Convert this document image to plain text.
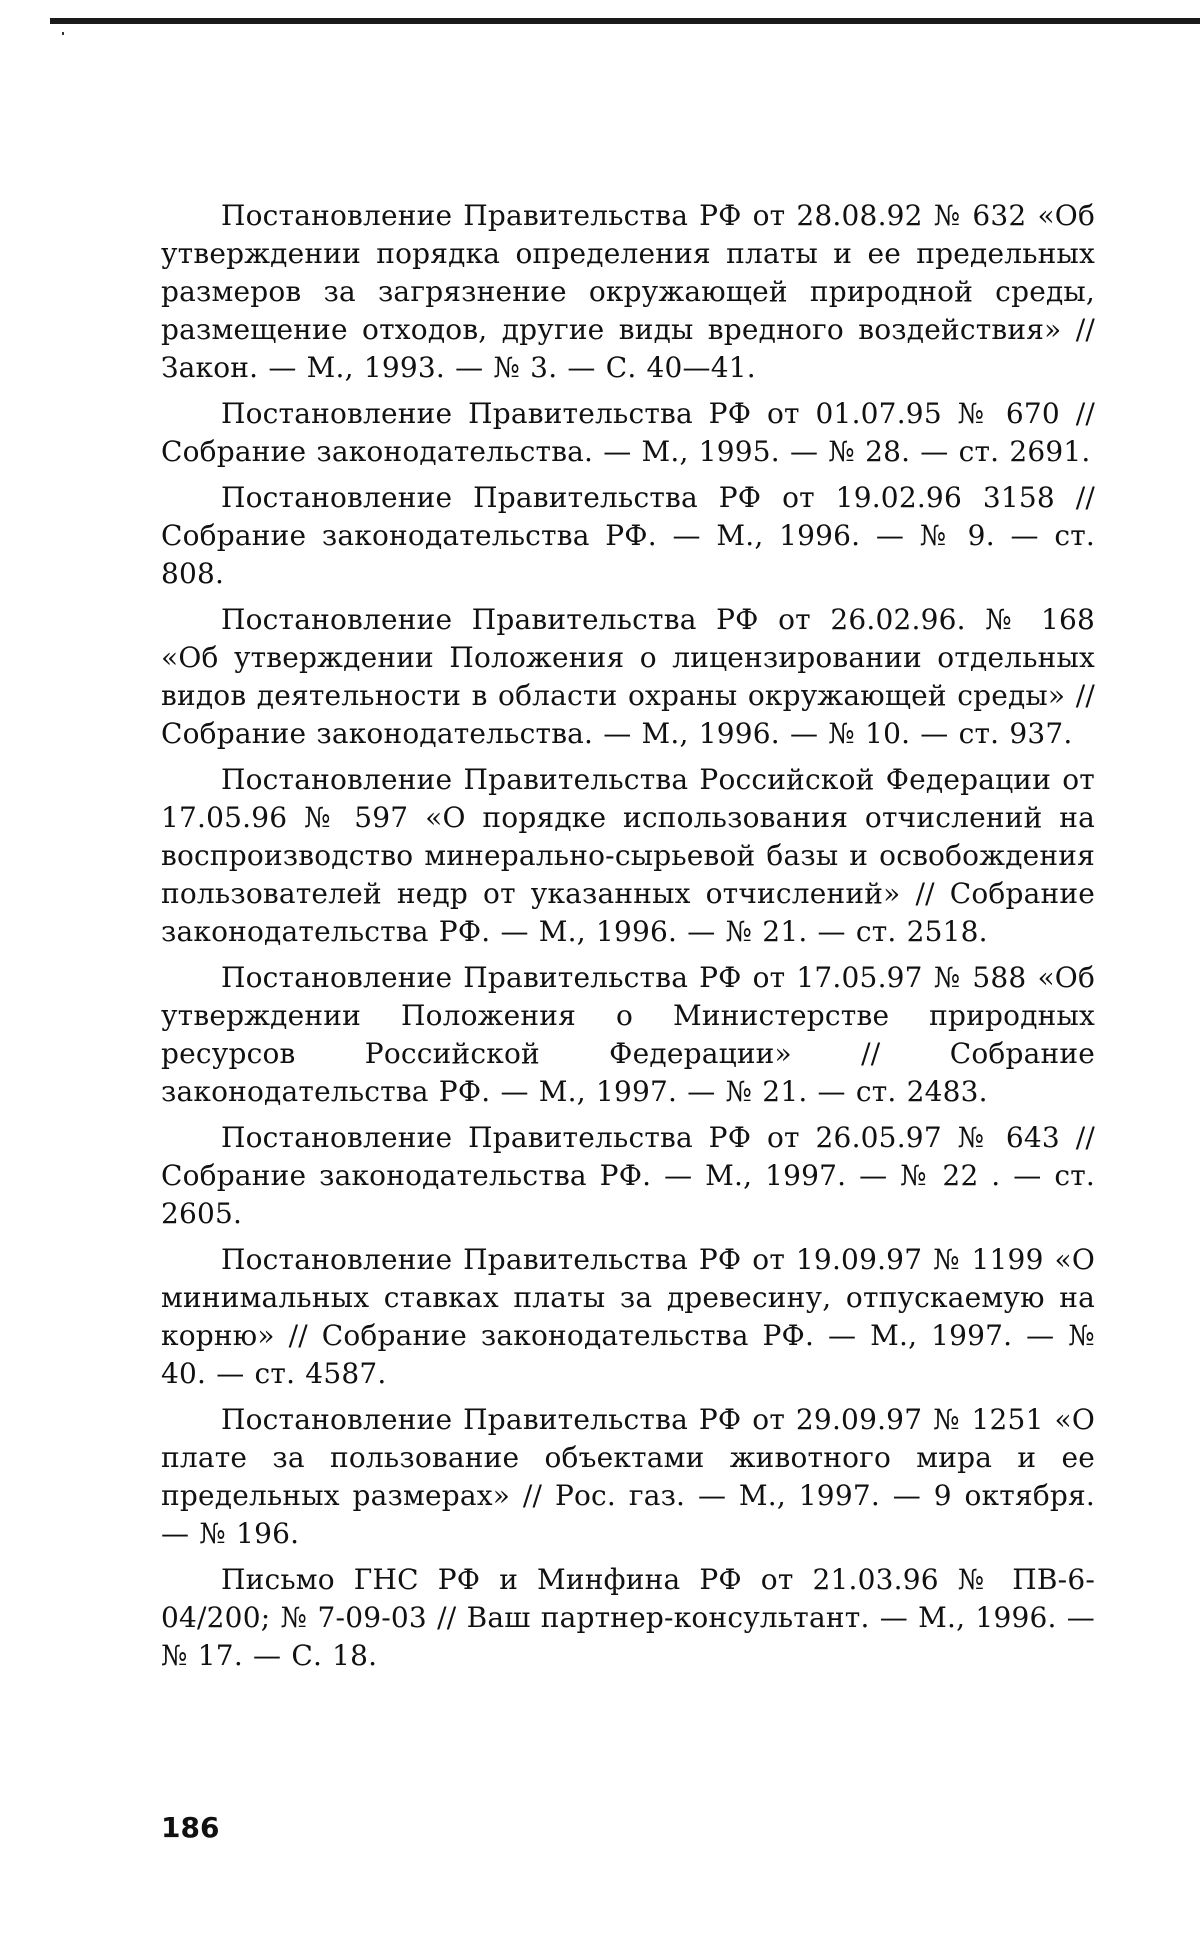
Постановление Правительства РФ от 28.08.92 № 632 «Об утверждении порядка определения платы и ее предельных размеров за загрязнение окружающей природной среды, размещение отходов, другие виды вредного воздействия» // Закон. — М., 1993. — № 3. — С. 40—41.

Постановление Правительства РФ от 01.07.95 № 670 // Собрание законодательства. — М., 1995. — № 28. — ст. 2691.

Постановление Правительства РФ от 19.02.96 3158 // Собрание законодательства РФ. — М., 1996. — № 9. — ст. 808.

Постановление Правительства РФ от 26.02.96. № 168 «Об утверждении Положения о лицензировании отдельных видов деятельности в области охраны окружающей среды» // Собрание законодательства. — М., 1996. — № 10. — ст. 937.

Постановление Правительства Российской Федерации от 17.05.96 № 597 «О порядке использования отчислений на воспроизводство минерально-сырьевой базы и освобождения пользователей недр от указанных отчислений» // Собрание законодательства РФ. — М., 1996. — № 21. — ст. 2518.

Постановление Правительства РФ от 17.05.97 № 588 «Об утверждении Положения о Министерстве природных ресурсов Российской Федерации» // Собрание законодательства РФ. — М., 1997. — № 21. — ст. 2483.

Постановление Правительства РФ от 26.05.97 № 643 // Собрание законодательства РФ. — М., 1997. — № 22 . — ст. 2605.

Постановление Правительства РФ от 19.09.97 № 1199 «О минимальных ставках платы за древесину, отпускаемую на корню» // Собрание законодательства РФ. — М., 1997. — № 40. — ст. 4587.

Постановление Правительства РФ от 29.09.97 № 1251 «О плате за пользование объектами животного мира и ее предельных размерах» // Рос. газ. — М., 1997. — 9 октября. — № 196.

Письмо ГНС РФ и Минфина РФ от 21.03.96 № ПВ-6-04/200; № 7-09-03 // Ваш партнер-консультант. — М., 1996. — № 17. — С. 18.

186
